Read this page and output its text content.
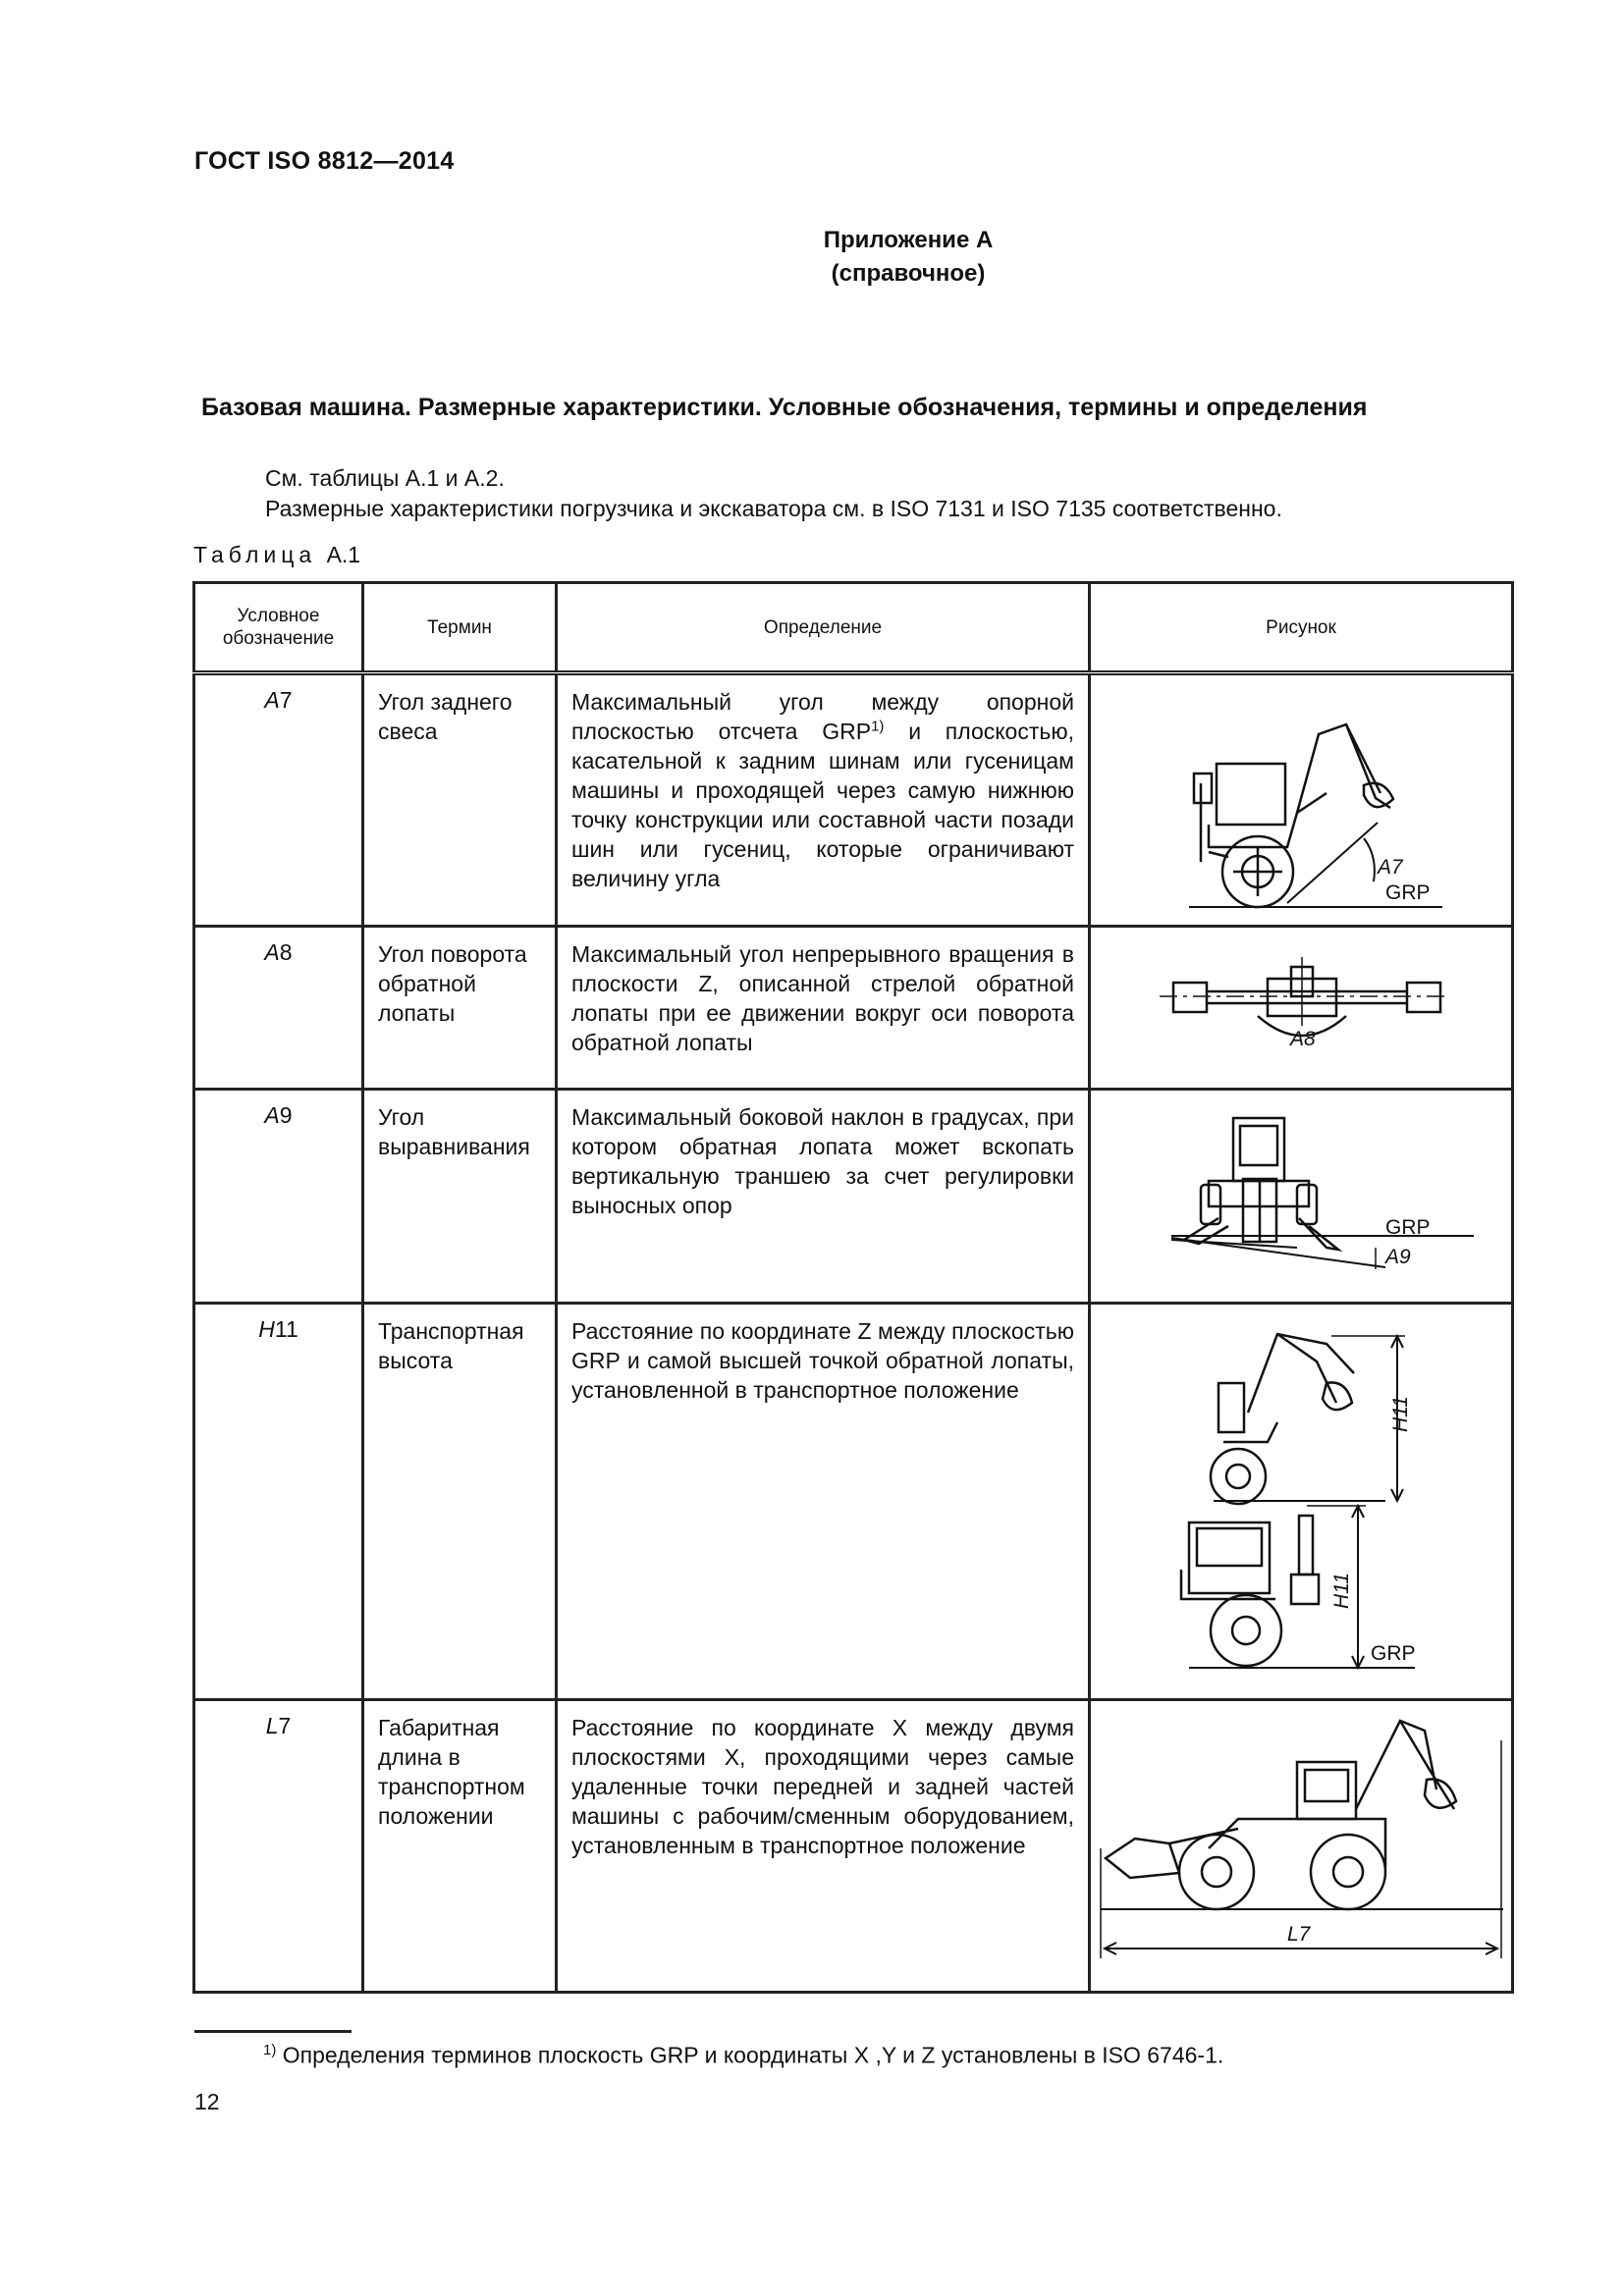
ГОСТ ISO 8812—2014
Приложение А
(справочное)
Базовая машина. Размерные характеристики. Условные обозначения, термины и определения
См. таблицы А.1 и А.2.
Размерные характеристики погрузчика и экскаватора см. в ISO 7131 и ISO 7135 соответственно.
Таблица А.1
Условное обозначение	Термин	Определение	Рисунок
A7	Угол заднего свеса	Максимальный угол между опорной плоскостью отсчета GRP$^{1)}$ и плоскостью, касательной к задним шинам или гусеницам машины и проходящей через самую нижнюю точку конструкции или составной части позади шин или гусениц, которые ограничивают величину угла	A7
GRP

A8	Угол поворота обратной лопаты	Максимальный угол непрерывного вращения в плоскости Z, описанной стрелой обратной лопаты при ее движении вокруг оси поворота обратной лопаты	A8

A9	Угол выравнивания	Максимальный боковой наклон в градусах, при котором обратная лопата может вскопать вертикальную траншею за счет регулировки выносных опор	GRP
A9

H11	Транспортная высота	Расстояние по координате Z между плоскостью GRP и самой высшей точкой обратной лопаты, установленной в транспортное положение	H11
H11
GRP

L7	Габаритная длина в транспортном положении	Расстояние по координате X между двумя плоскостями X, проходящими через самые удаленные точки передней и задней частей машины с рабочим/сменным оборудованием, установленным в транспортное положение	L7
$^{1)}$ Определения терминов плоскость GRP и координаты X ,Y и Z установлены в ISO 6746-1.
12
